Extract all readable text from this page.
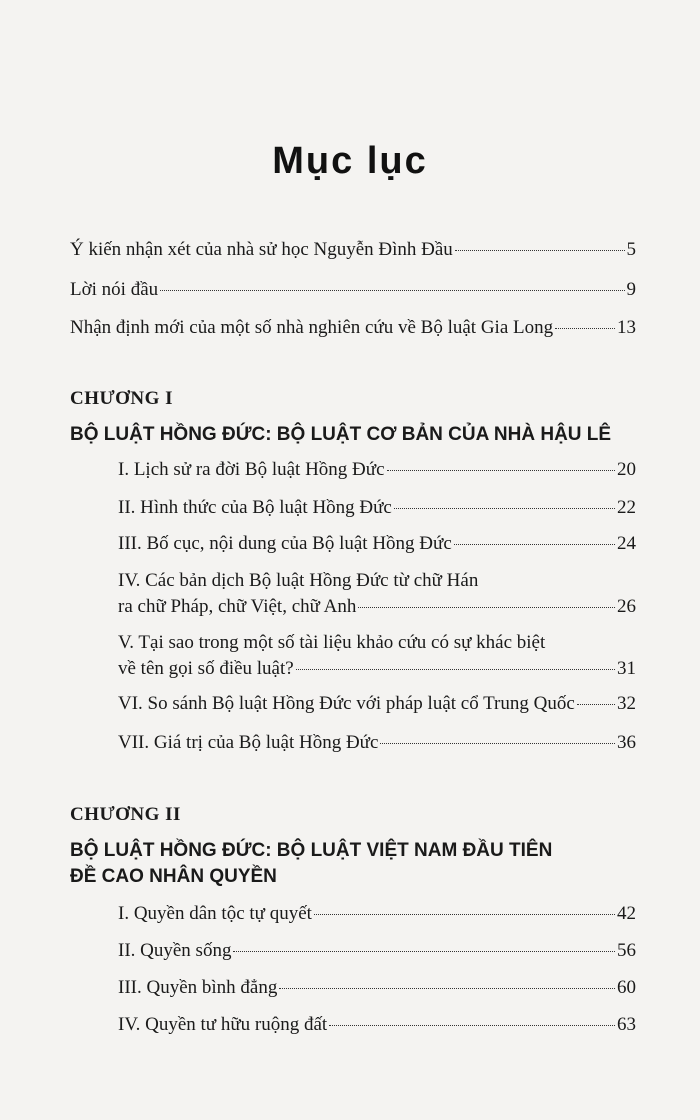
Mục lục
Ý kiến nhận xét của nhà sử học Nguyễn Đình Đầu	5
Lời nói đầu	9
Nhận định mới của một số nhà nghiên cứu về Bộ luật Gia Long	13
CHƯƠNG I
BỘ LUẬT HỒNG ĐỨC: BỘ LUẬT CƠ BẢN CỦA NHÀ HẬU LÊ
I. Lịch sử ra đời Bộ luật Hồng Đức	20
II. Hình thức của Bộ luật Hồng Đức	22
III. Bố cục, nội dung của Bộ luật Hồng Đức	24
IV. Các bản dịch Bộ luật Hồng Đức từ chữ Hán
ra chữ Pháp, chữ Việt, chữ Anh	26
V. Tại sao trong một số tài liệu khảo cứu có sự khác biệt
về tên gọi số điều luật?	31
VI. So sánh Bộ luật Hồng Đức với pháp luật cổ Trung Quốc 32
VII. Giá trị của Bộ luật Hồng Đức	36
CHƯƠNG II
BỘ LUẬT HỒNG ĐỨC: BỘ LUẬT VIỆT NAM ĐẦU TIÊN
ĐỀ CAO NHÂN QUYỀN
I. Quyền dân tộc tự quyết	42
II. Quyền sống	56
III. Quyền bình đẳng	60
IV. Quyền tư hữu ruộng đất	63
